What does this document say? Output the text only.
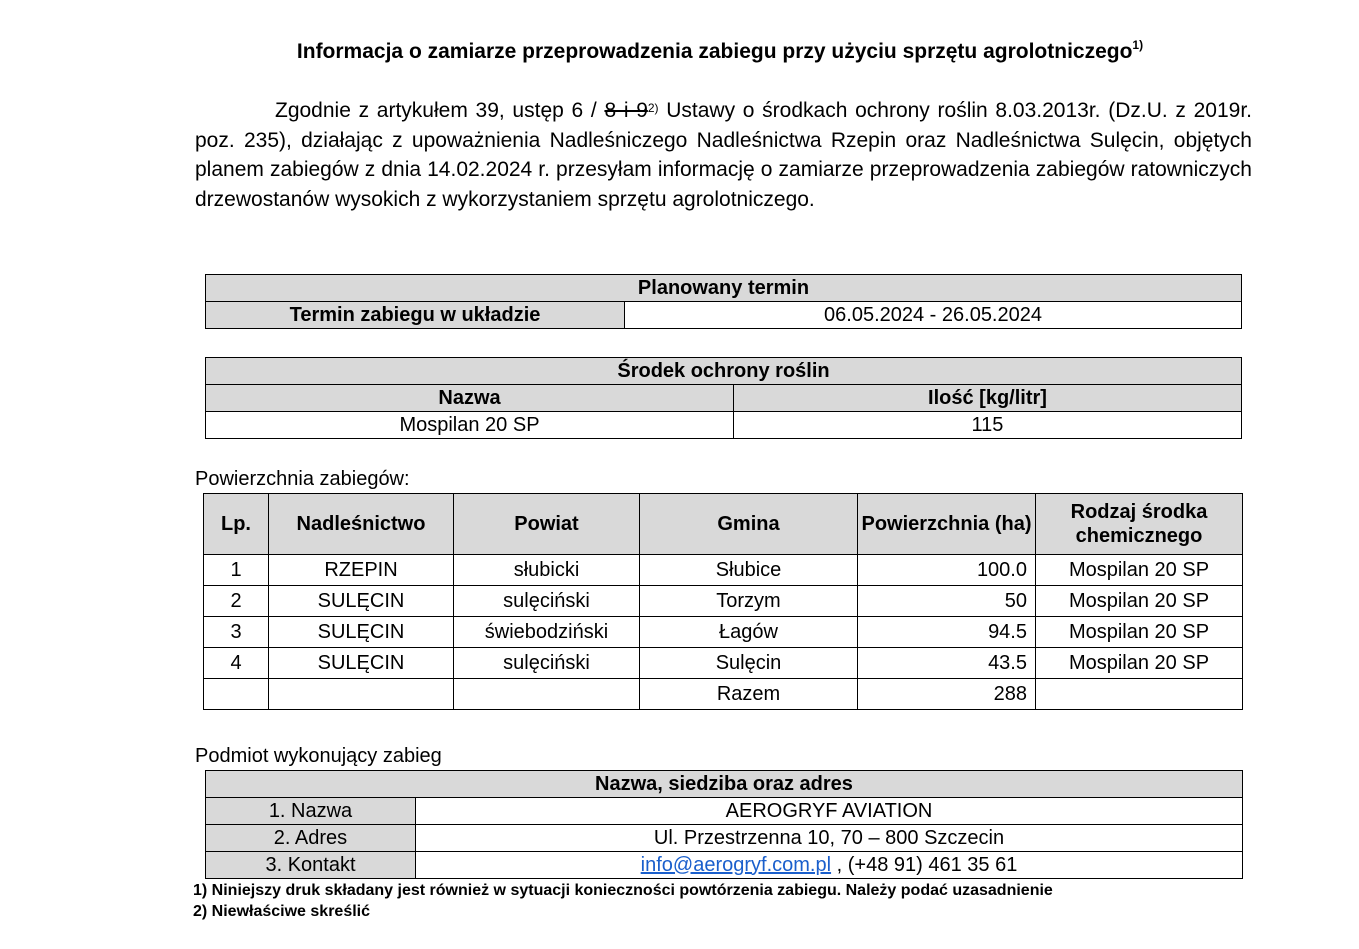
Informacja o zamiarze przeprowadzenia zabiegu przy użyciu sprzętu agrolotniczego$^{1)}$
Zgodnie z artykułem 39, ustęp 6 / 8 i 9$^{2)}$ Ustawy o środkach ochrony roślin 8.03.2013r. (Dz.U. z 2019r. poz. 235), działając z upoważnienia Nadleśniczego Nadleśnictwa Rzepin oraz Nadleśnictwa Sulęcin, objętych planem zabiegów z dnia 14.02.2024 r. przesyłam informację o zamiarze przeprowadzenia zabiegów ratowniczych drzewostanów wysokich z wykorzystaniem sprzętu agrolotniczego.
Planowany termin
Termin zabiegu w układzie	06.05.2024 - 26.05.2024
Środek ochrony roślin	
Nazwa	Ilość [kg/litr]
Mospilan 20 SP	115
Powierzchnia zabiegów:
Lp.	Nadleśnictwo	Powiat	Gmina	Powierzchnia (ha)	Rodzaj środka chemicznego
1	RZEPIN	słubicki	Słubice	100.0	Mospilan 20 SP
2	SULĘCIN	sulęciński	Torzym	50	Mospilan 20 SP
3	SULĘCIN	świebodziński	Łagów	94.5	Mospilan 20 SP
4	SULĘCIN	sulęciński	Sulęcin	43.5	Mospilan 20 SP
			Razem	288	
Podmiot wykonujący zabieg
Nazwa, siedziba oraz adres	
1. Nazwa	AEROGRYF AVIATION
2. Adres	Ul. Przestrzenna 10, 70 – 800 Szczecin
3. Kontakt	info@aerogryf.com.pl , (+48 91) 461 35 61
1) Niniejszy druk składany jest również w sytuacji konieczności powtórzenia zabiegu. Należy podać uzasadnienie
2) Niewłaściwe skreślić
